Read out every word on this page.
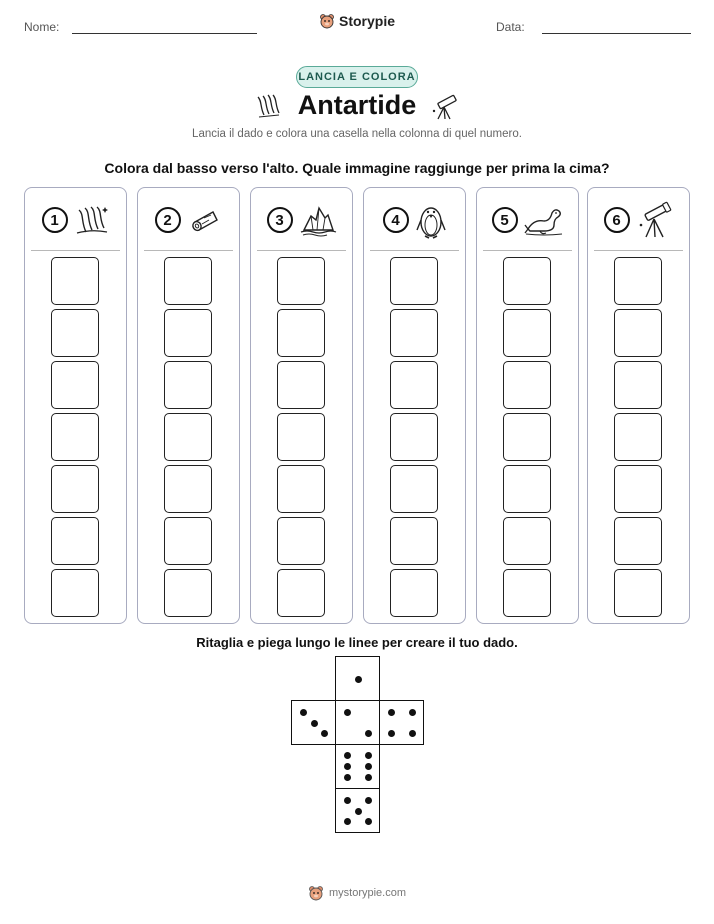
Nome:	Storypie	Data:
LANCIA E COLORA
Antartide
Lancia il dado e colora una casella nella colonna di quel numero.
Colora dal basso verso l'alto. Quale immagine raggiunge per prima la cima?
1	2	3	4	5	6
Ritaglia e piega lungo le linee per creare il tuo dado.
mystorypie.com
